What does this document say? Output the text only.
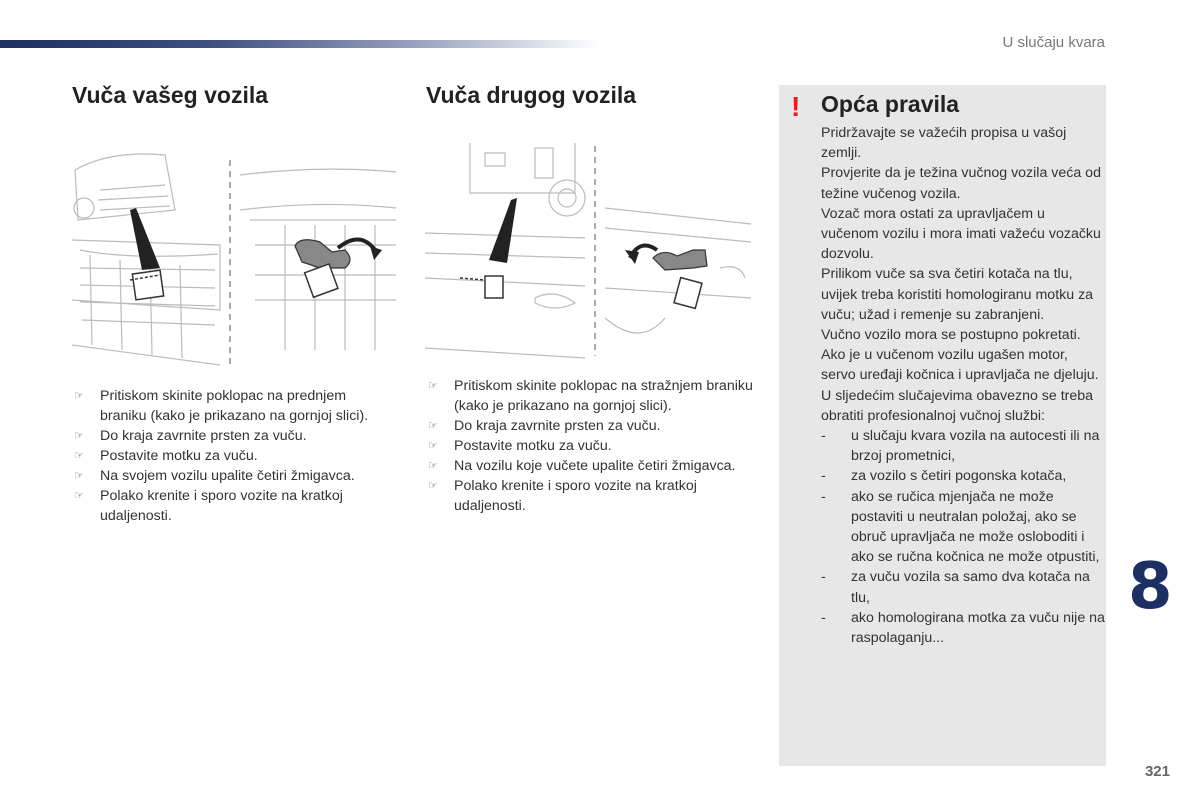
U slučaju kvara
Vuča vašeg vozila	Vuča drugog vozila
☞ Pritiskom skinite poklopac na prednjem braniku (kako je prikazano na gornjoj slici).
☞ Do kraja zavrnite prsten za vuču.
☞ Postavite motku za vuču.
☞ Na svojem vozilu upalite četiri žmigavca.
☞ Polako krenite i sporo vozite na kratkoj udaljenosti.
☞ Pritiskom skinite poklopac na stražnjem braniku (kako je prikazano na gornjoj slici).
☞ Do kraja zavrnite prsten za vuču.
☞ Postavite motku za vuču.
☞ Na vozilu koje vučete upalite četiri žmigavca.
☞ Polako krenite i sporo vozite na kratkoj udaljenosti.
! Opća pravila

Pridržavajte se važećih propisa u vašoj zemlji.

Provjerite da je težina vučnog vozila veća od težine vučenog vozila.

Vozač mora ostati za upravljačem u vučenom vozilu i mora imati važeću vozačku dozvolu.

Prilikom vuče sa sva četiri kotača na tlu, uvijek treba koristiti homologiranu motku za vuču; užad i remenje su zabranjeni.

Vučno vozilo mora se postupno pokretati.

Ako je u vučenom vozilu ugašen motor, servo uređaji kočnica i upravljača ne djeluju.

U sljedećim slučajevima obavezno se treba obratiti profesionalnoj vučnoj službi:

- u slučaju kvara vozila na autocesti ili na brzoj prometnici,
- za vozilo s četiri pogonska kotača,
- ako se ručica mjenjača ne može postaviti u neutralan položaj, ako se obruč upravljača ne može osloboditi i ako se ručna kočnica ne može otpustiti,
- za vuču vozila sa samo dva kotača na tlu,
- ako homologirana motka za vuču nije na raspolaganju...
8
321
